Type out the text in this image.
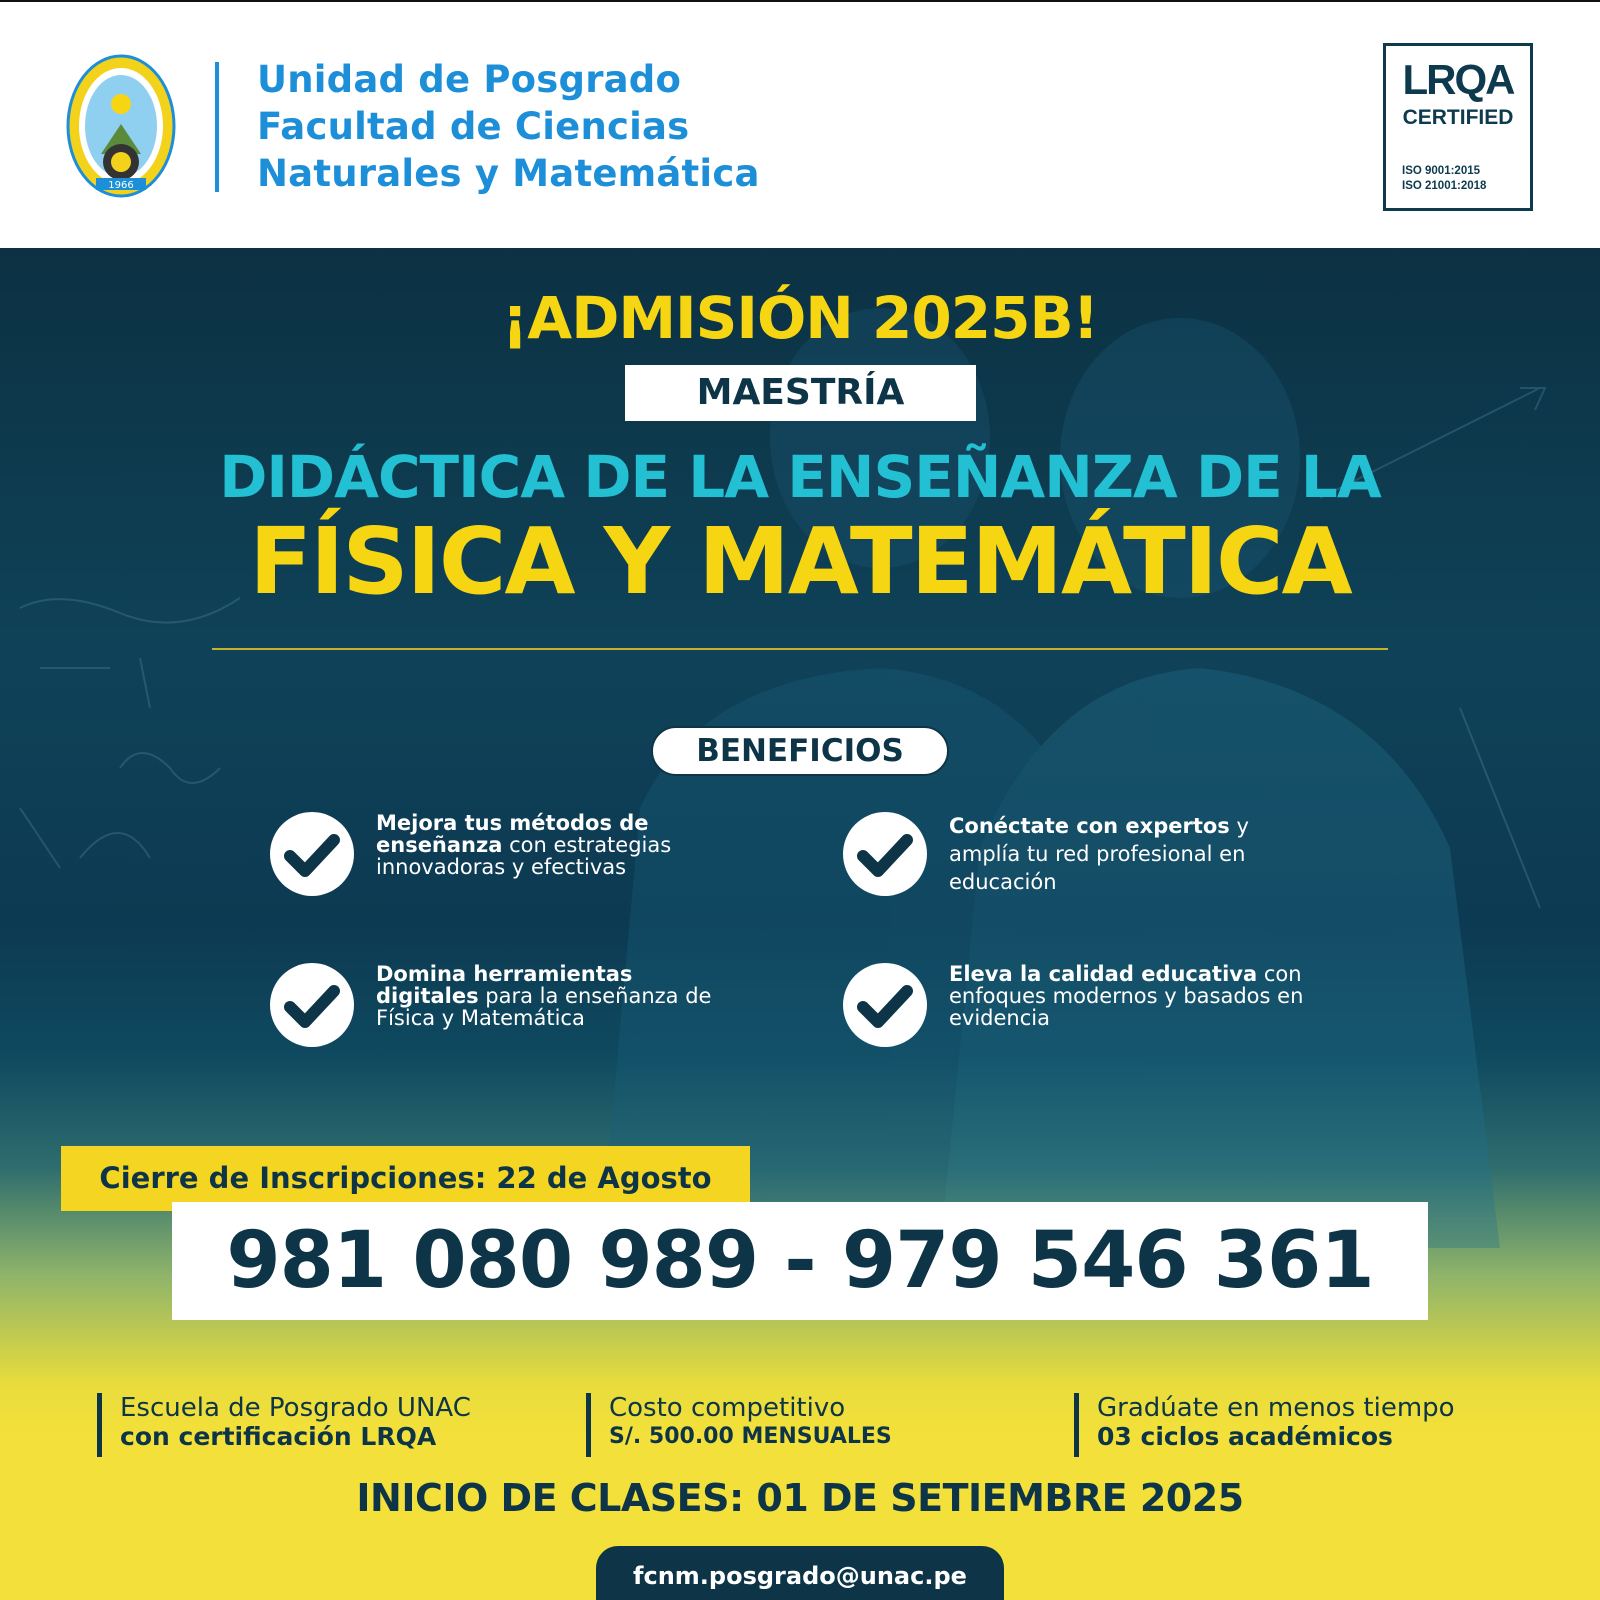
1966
Unidad de Posgrado
Facultad de Ciencias
Naturales y Matemática
LRQA
CERTIFIED
ISO 9001:2015
ISO 21001:2018
¡ADMISIÓN 2025B!
MAESTRÍA
DIDÁCTICA DE LA ENSEÑANZA DE LA
FÍSICA Y MATEMÁTICA
BENEFICIOS
Mejora tus métodos de enseñanza con estrategias innovadoras y efectivas
Conéctate con expertos y amplía tu red profesional en educación
Domina herramientas digitales para la enseñanza de Física y Matemática
Eleva la calidad educativa con enfoques modernos y basados en evidencia
Cierre de Inscripciones: 22 de Agosto
981 080 989 - 979 546 361
Escuela de Posgrado UNAC
con certificación LRQA
Costo competitivo
S/. 500.00 MENSUALES
Gradúate en menos tiempo
03 ciclos académicos
INICIO DE CLASES: 01 DE SETIEMBRE 2025
fcnm.posgrado@unac.pe
